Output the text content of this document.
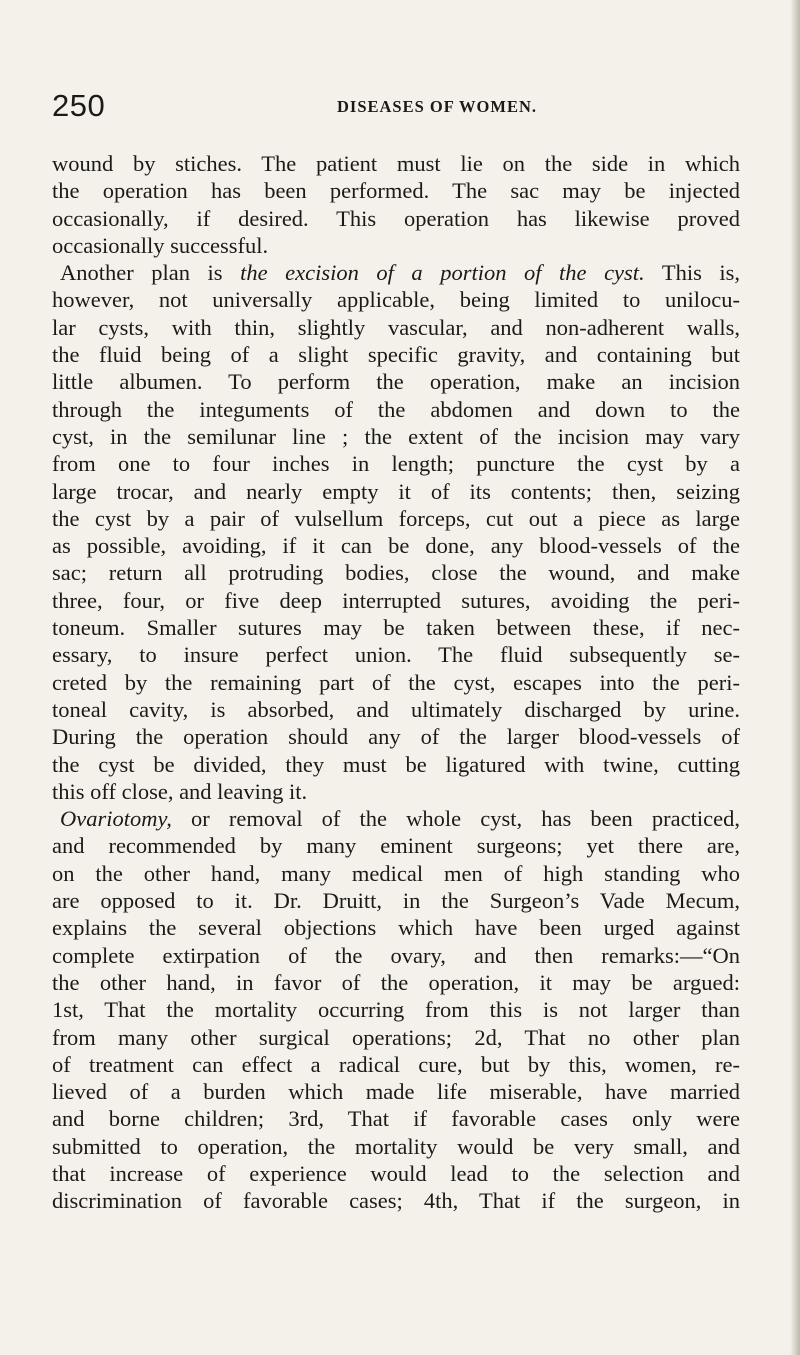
250	DISEASES OF WOMEN.
wound by stiches. The patient must lie on the side in which
the operation has been performed. The sac may be injected
occasionally, if desired. This operation has likewise proved
occasionally successful.
Another plan is the excision of a portion of the cyst. This is,
however, not universally applicable, being limited to unilocu-
lar cysts, with thin, slightly vascular, and non-adherent walls,
the fluid being of a slight specific gravity, and containing but
little albumen. To perform the operation, make an incision
through the integuments of the abdomen and down to the
cyst, in the semilunar line ; the extent of the incision may vary
from one to four inches in length; puncture the cyst by a
large trocar, and nearly empty it of its contents; then, seizing
the cyst by a pair of vulsellum forceps, cut out a piece as large
as possible, avoiding, if it can be done, any blood-vessels of the
sac; return all protruding bodies, close the wound, and make
three, four, or five deep interrupted sutures, avoiding the peri-
toneum. Smaller sutures may be taken between these, if nec-
essary, to insure perfect union. The fluid subsequently se-
creted by the remaining part of the cyst, escapes into the peri-
toneal cavity, is absorbed, and ultimately discharged by urine.
During the operation should any of the larger blood-vessels of
the cyst be divided, they must be ligatured with twine, cutting
this off close, and leaving it.
Ovariotomy, or removal of the whole cyst, has been practiced,
and recommended by many eminent surgeons; yet there are,
on the other hand, many medical men of high standing who
are opposed to it. Dr. Druitt, in the Surgeon’s Vade Mecum,
explains the several objections which have been urged against
complete extirpation of the ovary, and then remarks:—“On
the other hand, in favor of the operation, it may be argued:
1st, That the mortality occurring from this is not larger than
from many other surgical operations; 2d, That no other plan
of treatment can effect a radical cure, but by this, women, re-
lieved of a burden which made life miserable, have married
and borne children; 3rd, That if favorable cases only were
submitted to operation, the mortality would be very small, and
that increase of experience would lead to the selection and
discrimination of favorable cases; 4th, That if the surgeon, in
